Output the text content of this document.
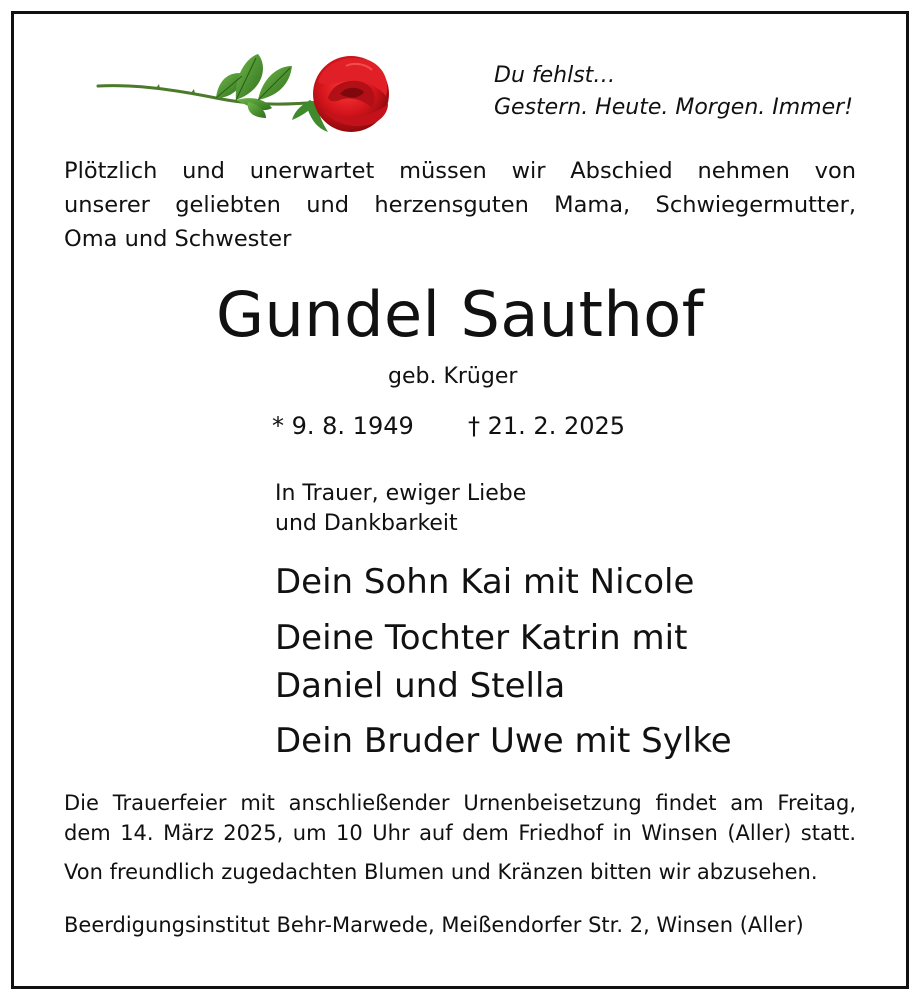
Du fehlst…
Gestern. Heute. Morgen. Immer!
Plötzlich und unerwartet müssen wir Abschied nehmen von
unserer geliebten und herzensguten Mama, Schwiegermutter,
Oma und Schwester
Gundel Sauthof
geb. Krüger
* 9. 8. 1949 † 21. 2. 2025
In Trauer, ewiger Liebe
und Dankbarkeit
Dein Sohn Kai mit Nicole
Deine Tochter Katrin mit
Daniel und Stella
Dein Bruder Uwe mit Sylke
Die Trauerfeier mit anschließender Urnenbeisetzung findet am Freitag,
dem 14. März 2025, um 10 Uhr auf dem Friedhof in Winsen (Aller) statt.
Von freundlich zugedachten Blumen und Kränzen bitten wir abzusehen.
Beerdigungsinstitut Behr-Marwede, Meißendorfer Str. 2, Winsen (Aller)
